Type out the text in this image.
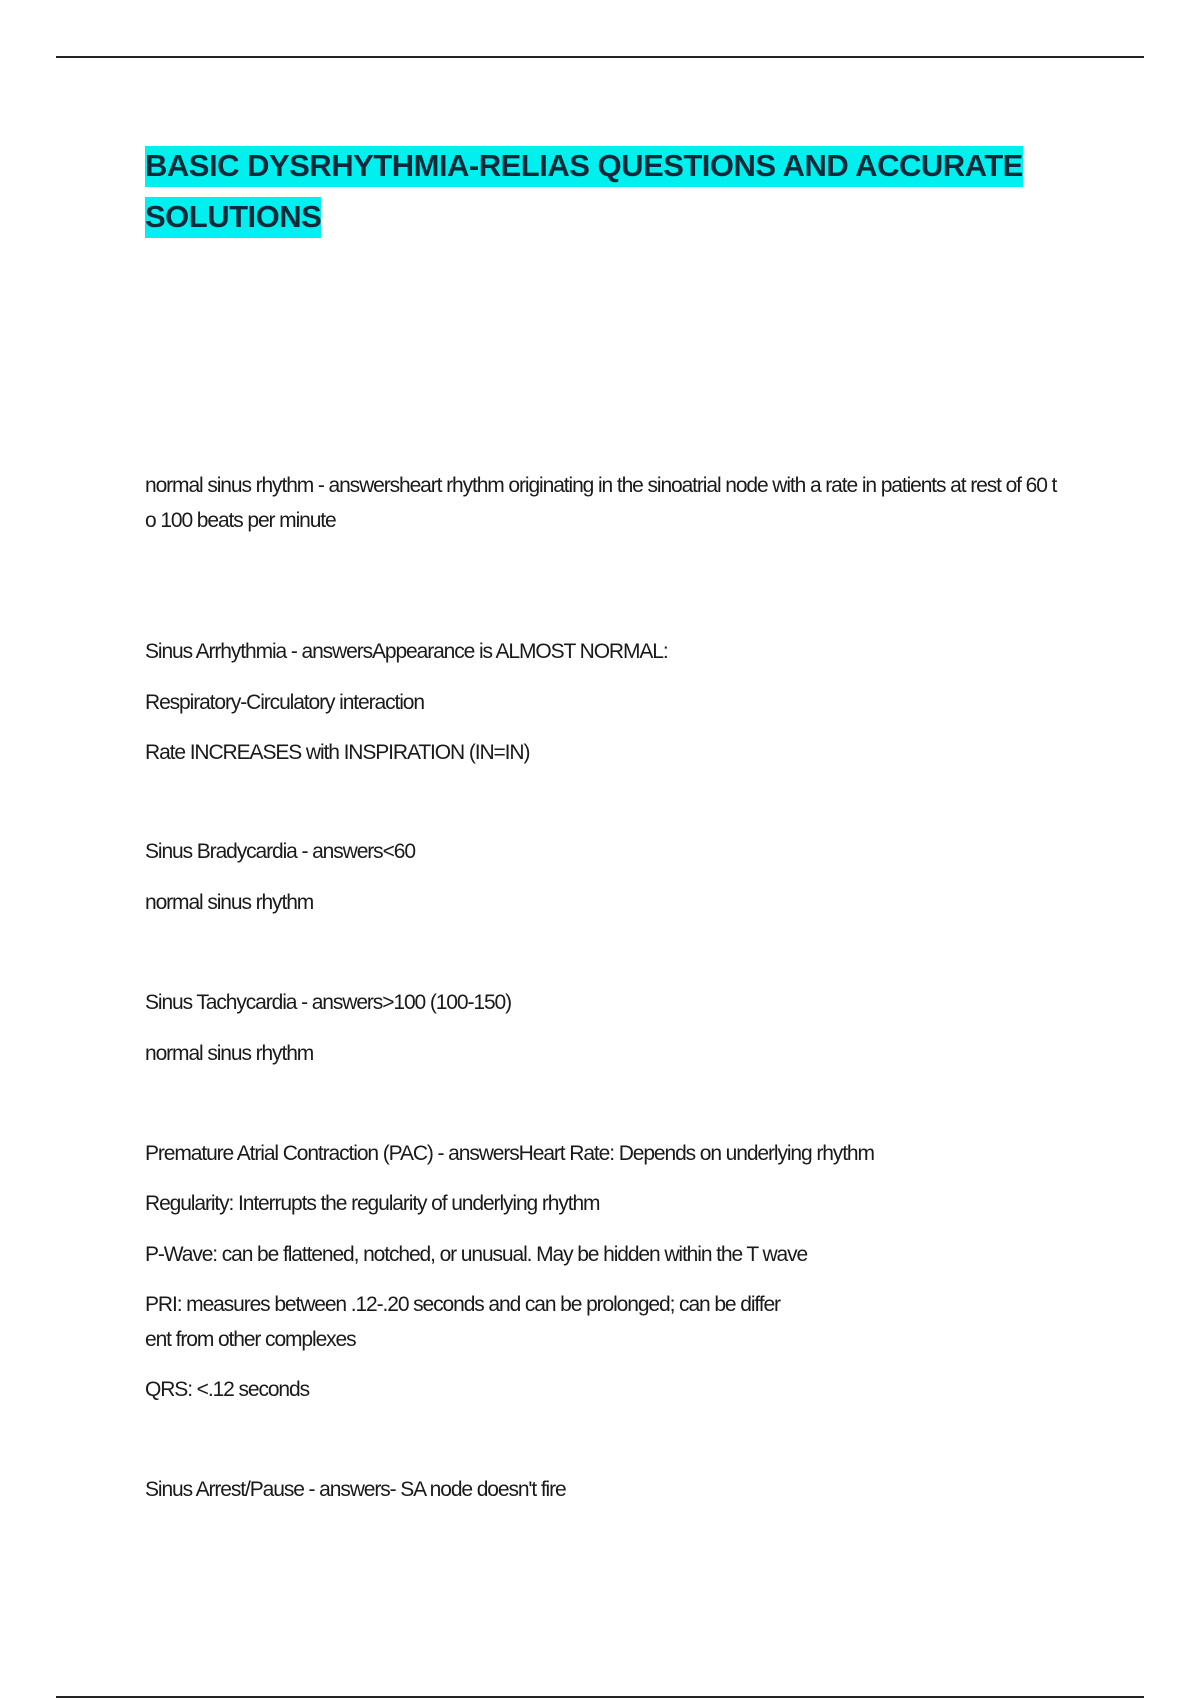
BASIC DYSRHYTHMIA-RELIAS QUESTIONS AND ACCURATE SOLUTIONS

normal sinus rhythm - answersheart rhythm originating in the sinoatrial node with a rate in patients at rest of 60 to 100 beats per minute

Sinus Arrhythmia - answersAppearance is ALMOST NORMAL:

Respiratory-Circulatory interaction

Rate INCREASES with INSPIRATION (IN=IN)

Sinus Bradycardia - answers<60

normal sinus rhythm

Sinus Tachycardia - answers>100 (100-150)

normal sinus rhythm

Premature Atrial Contraction (PAC) - answersHeart Rate: Depends on underlying rhythm

Regularity: Interrupts the regularity of underlying rhythm

P-Wave: can be flattened, notched, or unusual. May be hidden within the T wave

PRI: measures between .12-.20 seconds and can be prolonged; can be different from other complexes

QRS: <.12 seconds

Sinus Arrest/Pause - answers- SA node doesn't fire
